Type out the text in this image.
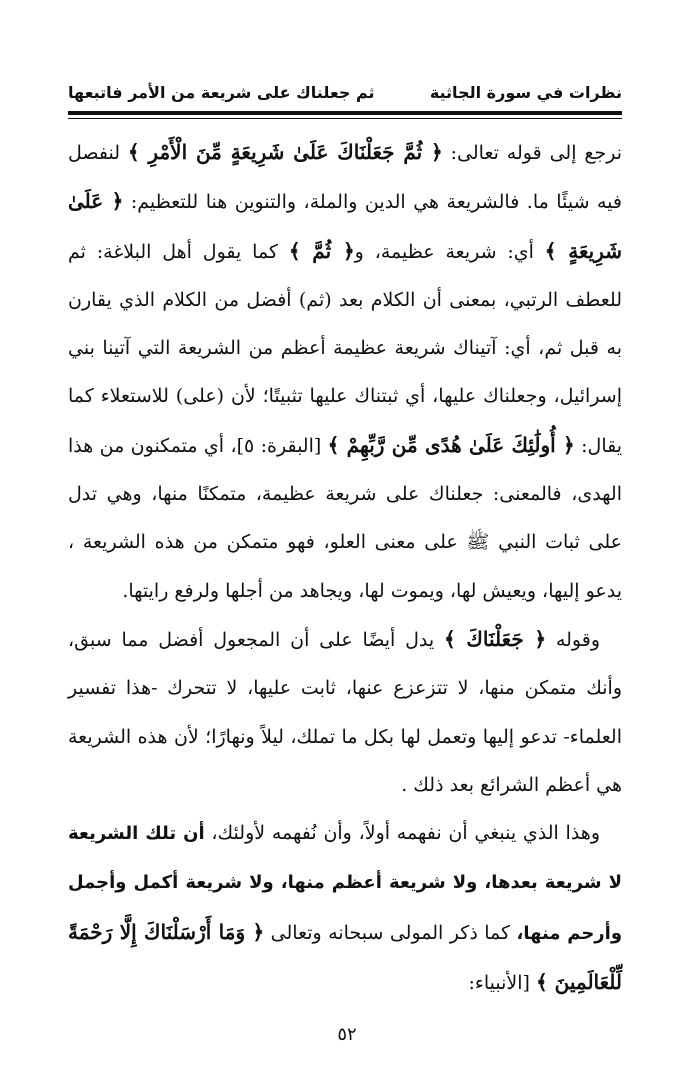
نظرات في سورة الجاثية
ثم جعلناك على شريعة من الأمر فاتبعها

نرجع إلى قوله تعالى: ﴿ ثُمَّ جَعَلْنَاكَ عَلَىٰ شَرِيعَةٍ مِّنَ الْأَمْرِ ﴾ لنفصل فيه شيئًا ما. فالشريعة هي الدين والملة، والتنوين هنا للتعظيم: ﴿ عَلَىٰ شَرِيعَةٍ ﴾ أي: شريعة عظيمة، و﴿ ثُمَّ ﴾ كما يقول أهل البلاغة: ثم للعطف الرتبي، بمعنى أن الكلام بعد (ثم) أفضل من الكلام الذي يقارن به قبل ثم، أي: آتيناك شريعة عظيمة أعظم من الشريعة التي آتينا بني إسرائيل، وجعلناك عليها، أي ثبتناك عليها تثبيتًا؛ لأن (على) للاستعلاء كما يقال: ﴿ أُولَٰئِكَ عَلَىٰ هُدًى مِّن رَّبِّهِمْ ﴾ [البقرة: ٥]، أي متمكنون من هذا الهدى، فالمعنى: جعلناك على شريعة عظيمة، متمكنًا منها، وهي تدل على ثبات النبي ﷺ على معنى العلو، فهو متمكن من هذه الشريعة ، يدعو إليها، ويعيش لها، ويموت لها، ويجاهد من أجلها ولرفع رايتها.

وقوله ﴿ جَعَلْنَاكَ ﴾ يدل أيضًا على أن المجعول أفضل مما سبق، وأنك متمكن منها، لا تتزعزع عنها، ثابت عليها، لا تتحرك -هذا تفسير العلماء- تدعو إليها وتعمل لها بكل ما تملك، ليلاً ونهارًا؛ لأن هذه الشريعة هي أعظم الشرائع بعد ذلك .

وهذا الذي ينبغي أن نفهمه أولاً، وأن نُفهمه لأولئك، أن تلك الشريعة لا شريعة بعدها، ولا شريعة أعظم منها، ولا شريعة أكمل وأجمل وأرحم منها، كما ذكر المولى سبحانه وتعالى ﴿ وَمَا أَرْسَلْنَاكَ إِلَّا رَحْمَةً لِّلْعَالَمِينَ ﴾ [الأنبياء:

٥٢
